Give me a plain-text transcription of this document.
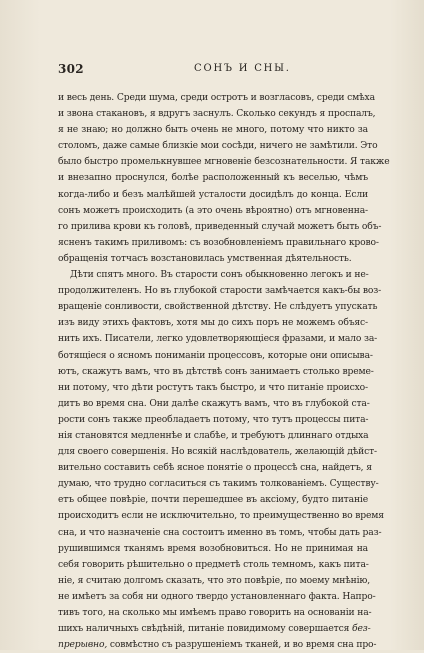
302	СОНЪ И СНЫ.
и весь день. Среди шума, среди остротъ и возгласовъ, среди смѣха
и звона стакановъ, я вдругъ заснулъ. Сколько секундъ я проспалъ,
я не знаю; но должно быть очень не много, потому что никто за
столомъ, даже самые близкіе мои сосѣди, ничего не замѣтили. Это
было быстро промелькнувшее мгновеніе безсознательности. Я также
и внезапно проснулся, болѣе расположенный къ веселью, чѣмъ
когда-либо и безъ малѣйшей усталости досидѣлъ до конца. Если
сонъ можетъ происходить (а это очень вѣроятно) отъ мгновенна-
го прилива крови къ головѣ, приведенный случай можетъ быть объ-
ясненъ такимъ приливомъ: съ возобновленіемъ правильнаго крово-
обращенія тотчасъ возстановилась умственная дѣятельность.
Дѣти спятъ много. Въ старости сонъ обыкновенно легокъ и не-
продолжителенъ. Но въ глубокой старости замѣчается какъ-бы воз-
вращеніе сонливости, свойственной дѣтству. Не слѣдуетъ упускать
изъ виду этихъ фактовъ, хотя мы до сихъ поръ не можемъ объяс-
нить ихъ. Писатели, легко удовлетворяющіеся фразами, и мало за-
ботящіеся о ясномъ пониманіи процессовъ, которые они описыва-
ютъ, скажутъ вамъ, что въ дѣтствѣ сонъ занимаетъ столько време-
ни потому, что дѣти ростутъ такъ быстро, и что питаніе происхо-
дитъ во время сна. Они далѣе скажутъ вамъ, что въ глубокой ста-
рости сонъ также преобладаетъ потому, что тутъ процессы пита-
нія становятся медленнѣе и слабѣе, и требуютъ длиннаго отдыха
для своего совершенія. Но всякій наслѣдователь, желающій дѣйст-
вительно составить себѣ ясное понятіе о процессѣ сна, найдетъ, я
думаю, что трудно согласиться съ такимъ толкованіемъ. Существу-
етъ общее повѣріе, почти перешедшее въ аксіому, будто питаніе
происходитъ если не исключительно, то преимущественно во время
сна, и что назначеніе сна состоитъ именно въ томъ, чтобы дать раз-
рушившимся тканямъ время возобновиться. Но не принимая на
себя говорить рѣшительно о предметѣ столь темномъ, какъ пита-
ніе, я считаю долгомъ сказать, что это повѣріе, по моему мнѣнію,
не имѣетъ за собя ни одного твердо установленнаго факта. Напро-
тивъ того, на сколько мы имѣемъ право говорить на основаніи на-
шихъ наличныхъ свѣдѣній, питаніе повидимому совершается без-
прерывно, совмѣстно съ разрушеніемъ тканей, и во время сна про-
